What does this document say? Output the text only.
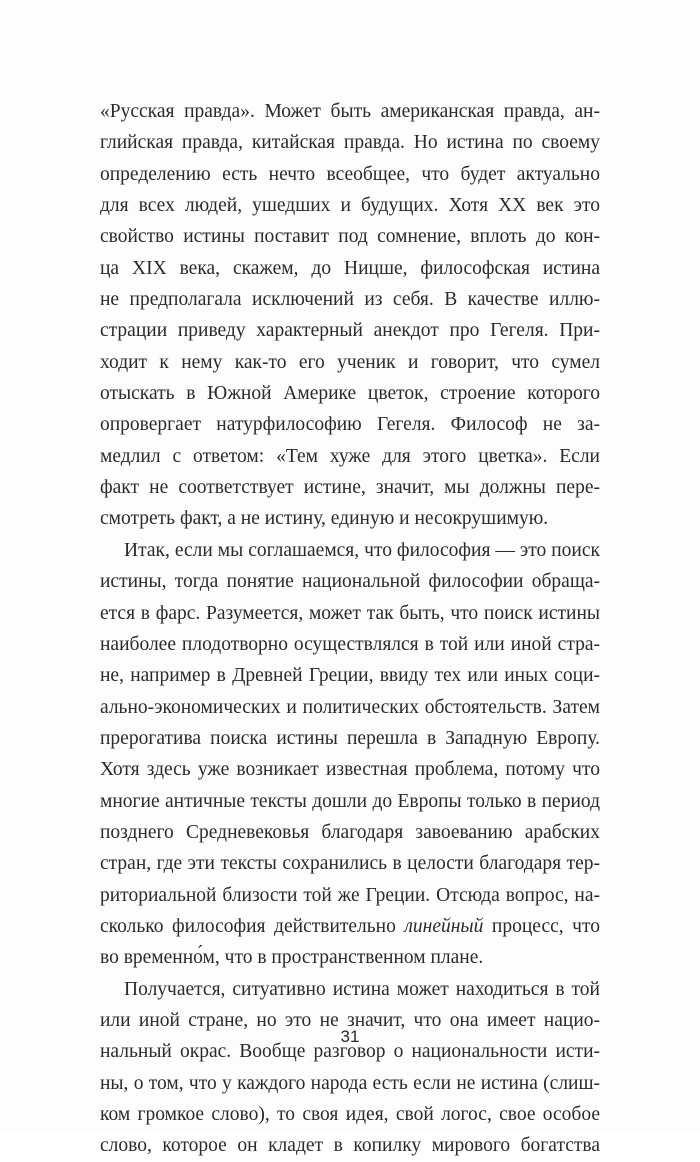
«Русская правда». Может быть американская правда, ан-
глийская правда, китайская правда. Но истина по своему
определению есть нечто всеобщее, что будет актуально
для всех людей, ушедших и будущих. Хотя XX век это
свойство истины поставит под сомнение, вплоть до кон-
ца XIX века, скажем, до Ницше, философская истина
не предполагала исключений из себя. В качестве иллю-
страции приведу характерный анекдот про Гегеля. При-
ходит к нему как-то его ученик и говорит, что сумел
отыскать в Южной Америке цветок, строение которого
опровергает натурфилософию Гегеля. Философ не за-
медлил с ответом: «Тем хуже для этого цветка». Если
факт не соответствует истине, значит, мы должны пере-
смотреть факт, а не истину, единую и несокрушимую.
Итак, если мы соглашаемся, что философия — это поиск
истины, тогда понятие национальной философии обраща-
ется в фарс. Разумеется, может так быть, что поиск истины
наиболее плодотворно осуществлялся в той или иной стра-
не, например в Древней Греции, ввиду тех или иных соци-
ально-экономических и политических обстоятельств. Затем
прерогатива поиска истины перешла в Западную Европу.
Хотя здесь уже возникает известная проблема, потому что
многие античные тексты дошли до Европы только в период
позднего Средневековья благодаря завоеванию арабских
стран, где эти тексты сохранились в целости благодаря тер-
риториальной близости той же Греции. Отсюда вопрос, на-
сколько философия действительно линейный процесс, что
во временно́м, что в пространственном плане.
Получается, ситуативно истина может находиться в той
или иной стране, но это не значит, что она имеет нацио-
нальный окрас. Вообще разговор о национальности исти-
ны, о том, что у каждого народа есть если не истина (слиш-
ком громкое слово), то своя идея, свой логос, свое особое
слово, которое он кладет в копилку мирового богатства
31
